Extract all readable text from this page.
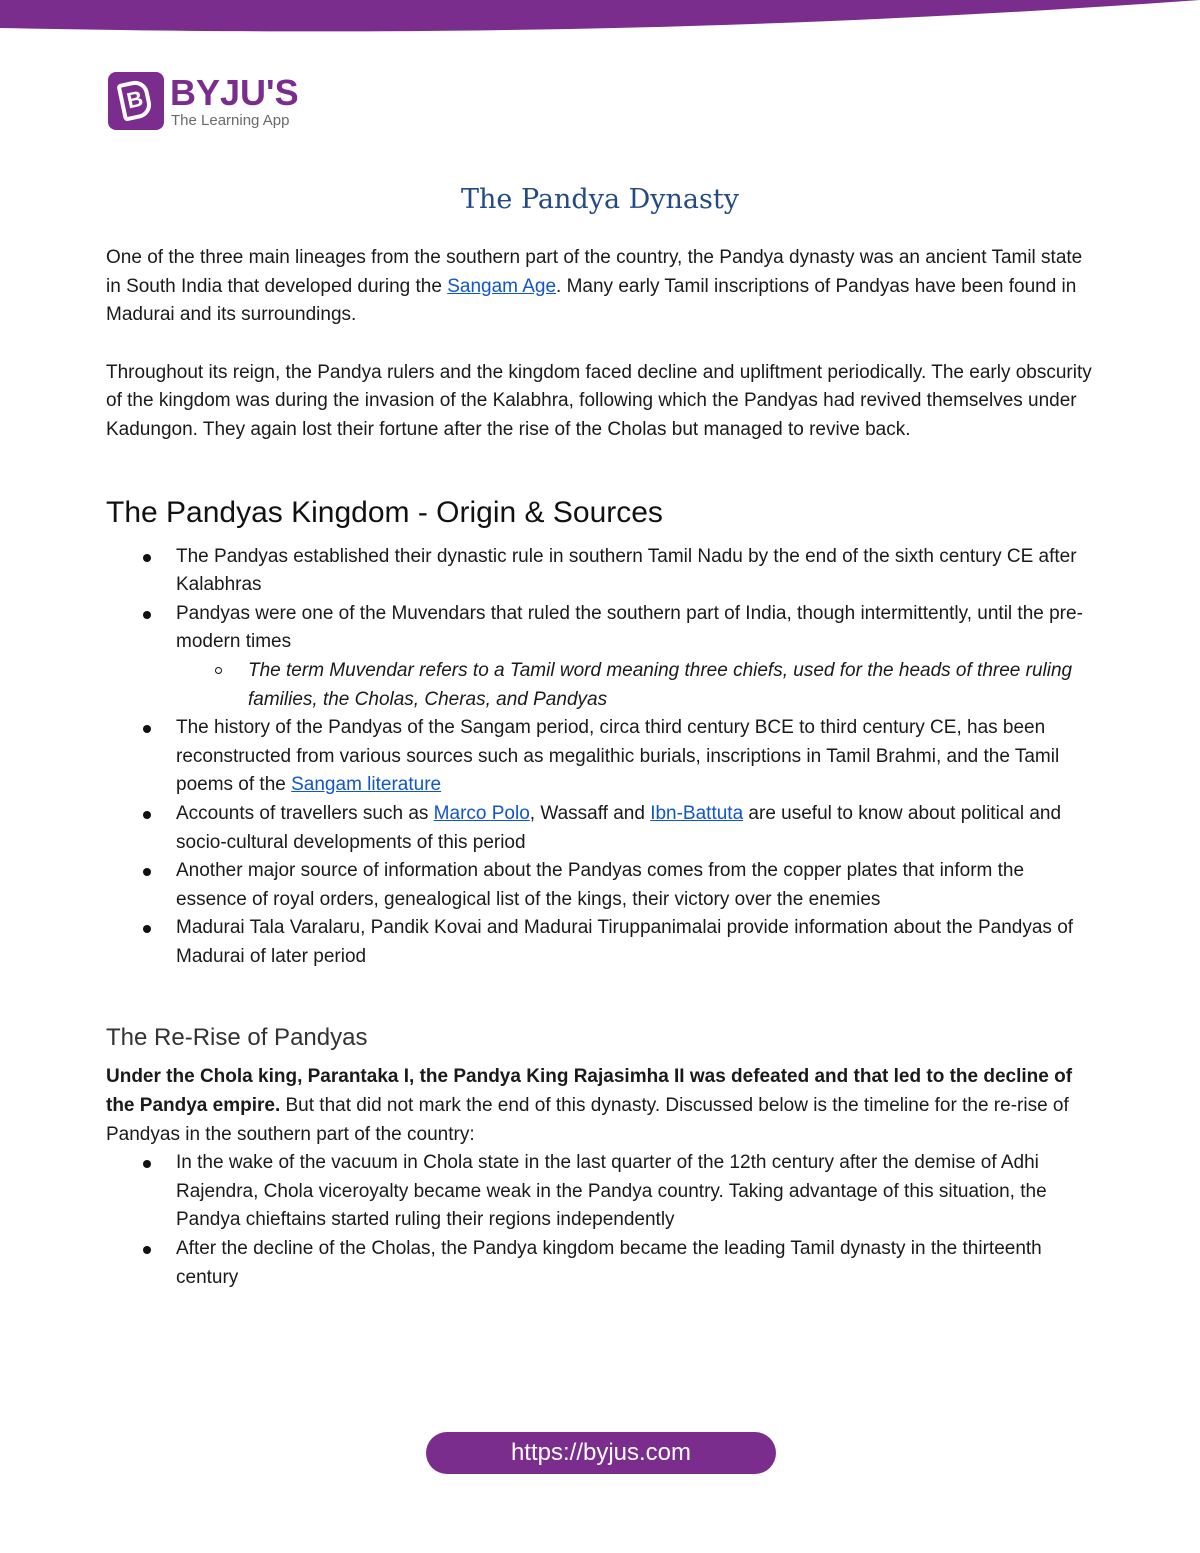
B BYJU'S
The Learning App
The Pandya Dynasty

One of the three main lineages from the southern part of the country, the Pandya dynasty was an ancient Tamil state in South India that developed during the Sangam Age. Many early Tamil inscriptions of Pandyas have been found in Madurai and its surroundings.

Throughout its reign, the Pandya rulers and the kingdom faced decline and upliftment periodically. The early obscurity of the kingdom was during the invasion of the Kalabhra, following which the Pandyas had revived themselves under Kadungon. They again lost their fortune after the rise of the Cholas but managed to revive back.

The Pandyas Kingdom - Origin & Sources
The Pandyas established their dynastic rule in southern Tamil Nadu by the end of the sixth century CE after Kalabhras
Pandyas were one of the Muvendars that ruled the southern part of India, though intermittently, until the pre-modern times
The term Muvendar refers to a Tamil word meaning three chiefs, used for the heads of three ruling families, the Cholas, Cheras, and Pandyas
The history of the Pandyas of the Sangam period, circa third century BCE to third century CE, has been reconstructed from various sources such as megalithic burials, inscriptions in Tamil Brahmi, and the Tamil poems of the Sangam literature
Accounts of travellers such as Marco Polo, Wassaff and Ibn-Battuta are useful to know about political and socio-cultural developments of this period
Another major source of information about the Pandyas comes from the copper plates that inform the essence of royal orders, genealogical list of the kings, their victory over the enemies
Madurai Tala Varalaru, Pandik Kovai and Madurai Tiruppanimalai provide information about the Pandyas of Madurai of later period
The Re-Rise of Pandyas

Under the Chola king, Parantaka I, the Pandya King Rajasimha II was defeated and that led to the decline of the Pandya empire. But that did not mark the end of this dynasty. Discussed below is the timeline for the re-rise of Pandyas in the southern part of the country:

In the wake of the vacuum in Chola state in the last quarter of the 12th century after the demise of Adhi Rajendra, Chola viceroyalty became weak in the Pandya country. Taking advantage of this situation, the Pandya chieftains started ruling their regions independently
After the decline of the Cholas, the Pandya kingdom became the leading Tamil dynasty in the thirteenth century
https://byjus.com
